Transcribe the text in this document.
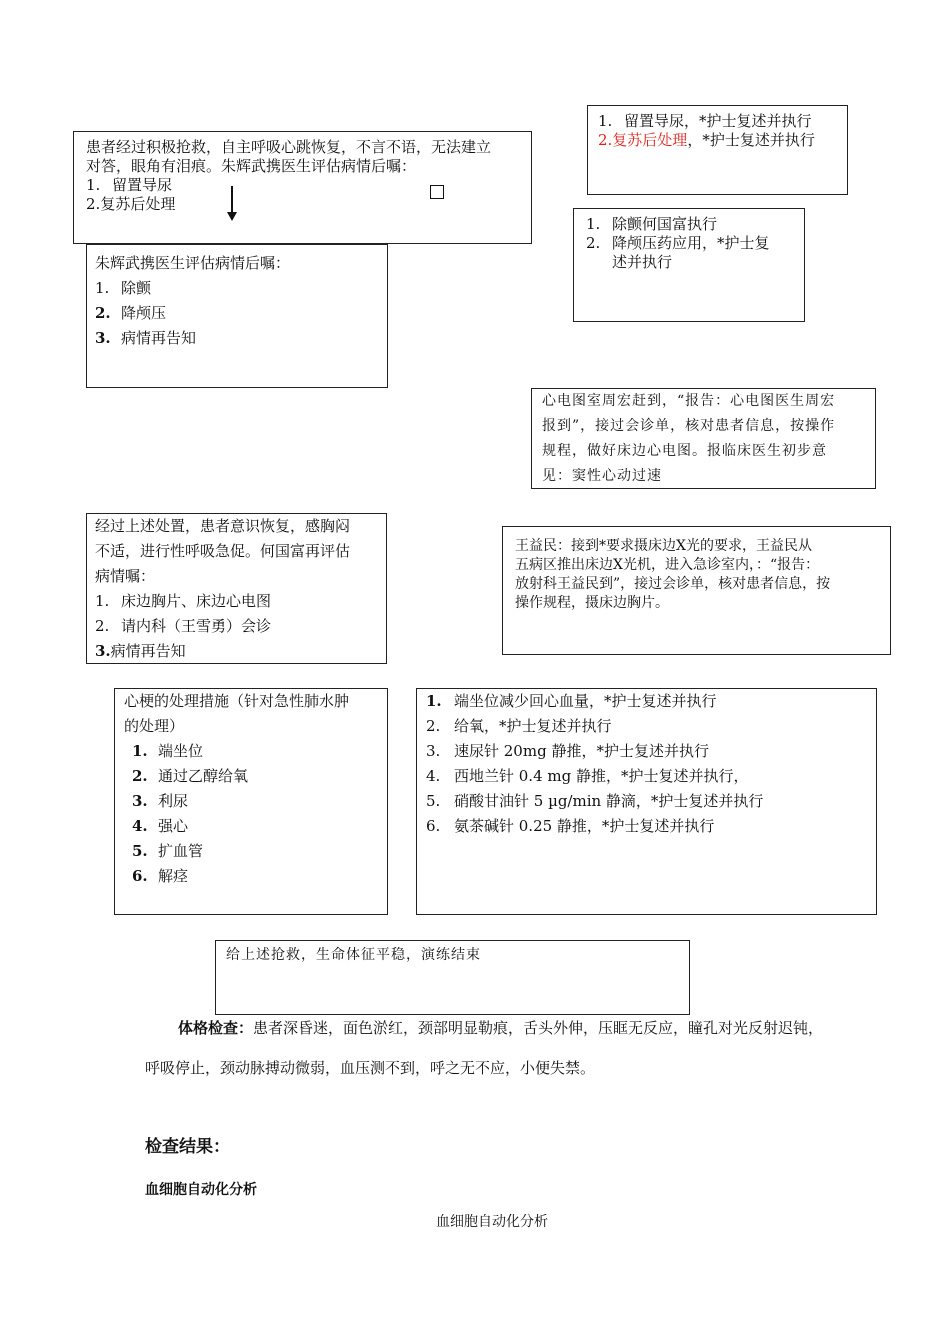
1. 留置导尿，*护士复述并执行
2.复苏后处理，*护士复述并执行
患者经过积极抢救，自主呼吸心跳恢复，不言不语，无法建立
对答，眼角有泪痕。朱辉武携医生评估病情后嘱：
1. 留置导尿
2.复苏后处理
1. 除颤何国富执行
2. 降颅压药应用，*护士复
述并执行
朱辉武携医生评估病情后嘱：
1. 除颤
2. 降颅压
3. 病情再告知
心电图室周宏赶到，“报告：心电图医生周宏
报到”，接过会诊单，核对患者信息，按操作
规程，做好床边心电图。报临床医生初步意
见：窦性心动过速
经过上述处置，患者意识恢复，感胸闷
不适，进行性呼吸急促。何国富再评估
病情嘱：
1. 床边胸片、床边心电图
2. 请内科（王雪勇）会诊
3.病情再告知
王益民：接到*要求摄床边X光的要求，王益民从
五病区推出床边X光机，进入急诊室内，：“报告：
放射科王益民到”，接过会诊单，核对患者信息，按
操作规程，摄床边胸片。
心梗的处理措施（针对急性肺水肿
的处理）
1. 端坐位
2. 通过乙醇给氧
3. 利尿
4. 强心
5. 扩血管
6. 解痉
1. 端坐位减少回心血量，*护士复述并执行
2. 给氧，*护士复述并执行
3. 速尿针 20mg 静推，*护士复述并执行
4. 西地兰针 0.4 mg 静推，*护士复述并执行，
5. 硝酸甘油针 5 µg/min 静滴，*护士复述并执行
6. 氨茶碱针 0.25 静推，*护士复述并执行
给上述抢救，生命体征平稳，演练结束
体格检查：患者深昏迷，面色淤红，颈部明显勒痕，舌头外伸，压眶无反应，瞳孔对光反射迟钝，
呼吸停止，颈动脉搏动微弱，血压测不到，呼之无不应，小便失禁。
检查结果：
血细胞自动化分析
血细胞自动化分析
